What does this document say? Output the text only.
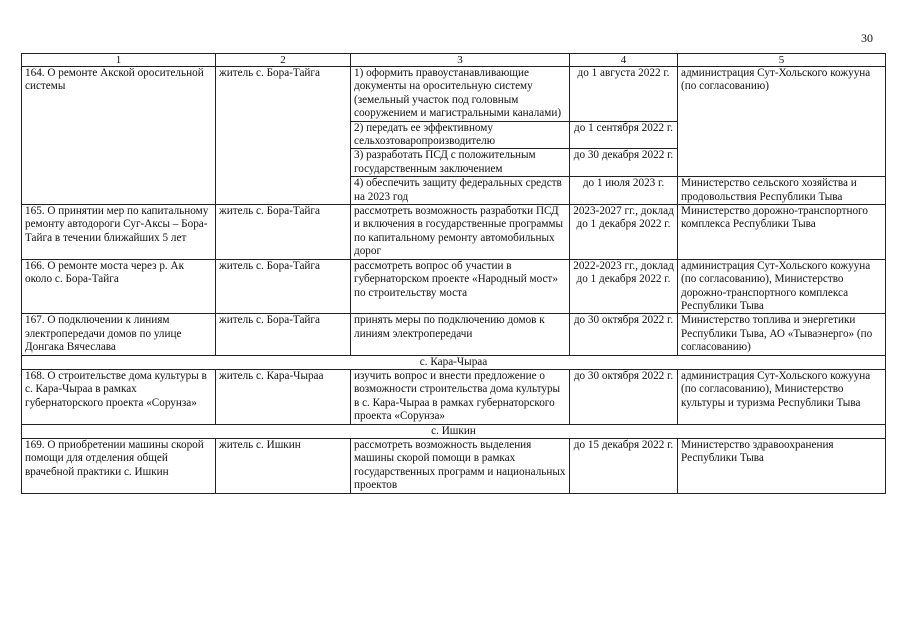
30
1	2	3	4	5
164. О ремонте Акской оросительной системы	житель с. Бора-Тайга	1) оформить правоустанавливающие документы на оросительную систему (земельный участок под головным сооружением и магистральными каналами)	до 1 августа 2022 г.	администрация Сут-Хольского кожууна (по согласованию)
		2) передать ее эффективному сельхозтоваропроизводителю	до 1 сентября 2022 г.	
		3) разработать ПСД с положительным государственным заключением	до 30 декабря 2022 г.	
		4) обеспечить защиту федеральных средств на 2023 год	до 1 июля 2023 г.	Министерство сельского хозяйства и продовольствия Республики Тыва
165. О принятии мер по капитальному ремонту автодороги Суг-Аксы – Бора-Тайга в течении ближайших 5 лет	житель с. Бора-Тайга	рассмотреть возможность разработки ПСД и включения в государственные программы по капитальному ремонту автомобильных дорог	2023-2027 гг., доклад до 1 декабря 2022 г.	Министерство дорожно-транспортного комплекса Республики Тыва
166. О ремонте моста через р. Ак около с. Бора-Тайга	житель с. Бора-Тайга	рассмотреть вопрос об участии в губернаторском проекте «Народный мост» по строительству моста	2022-2023 гг., доклад до 1 декабря 2022 г.	администрация Сут-Хольского кожууна (по согласованию), Министерство дорожно-транспортного комплекса Республики Тыва
167. О подключении к линиям электропередачи домов по улице Донгака Вячеслава	житель с. Бора-Тайга	принять меры по подключению домов к линиям электропередачи	до 30 октября 2022 г.	Министерство топлива и энергетики Республики Тыва, АО «Тываэнерго» (по согласованию)
с. Кара-Чыраа				
168. О строительстве дома культуры в с. Кара-Чыраа в рамках губернаторского проекта «Сорунза»	житель с. Кара-Чыраа	изучить вопрос и внести предложение о возможности строительства дома культуры в с. Кара-Чыраа в рамках губернаторского проекта «Сорунза»	до 30 октября 2022 г.	администрация Сут-Хольского кожууна (по согласованию), Министерство культуры и туризма Республики Тыва
с. Ишкин				
169. О приобретении машины скорой помощи для отделения общей врачебной практики с. Ишкин	житель с. Ишкин	рассмотреть возможность выделения машины скорой помощи в рамках государственных программ и национальных проектов	до 15 декабря 2022 г.	Министерство здравоохранения Республики Тыва
